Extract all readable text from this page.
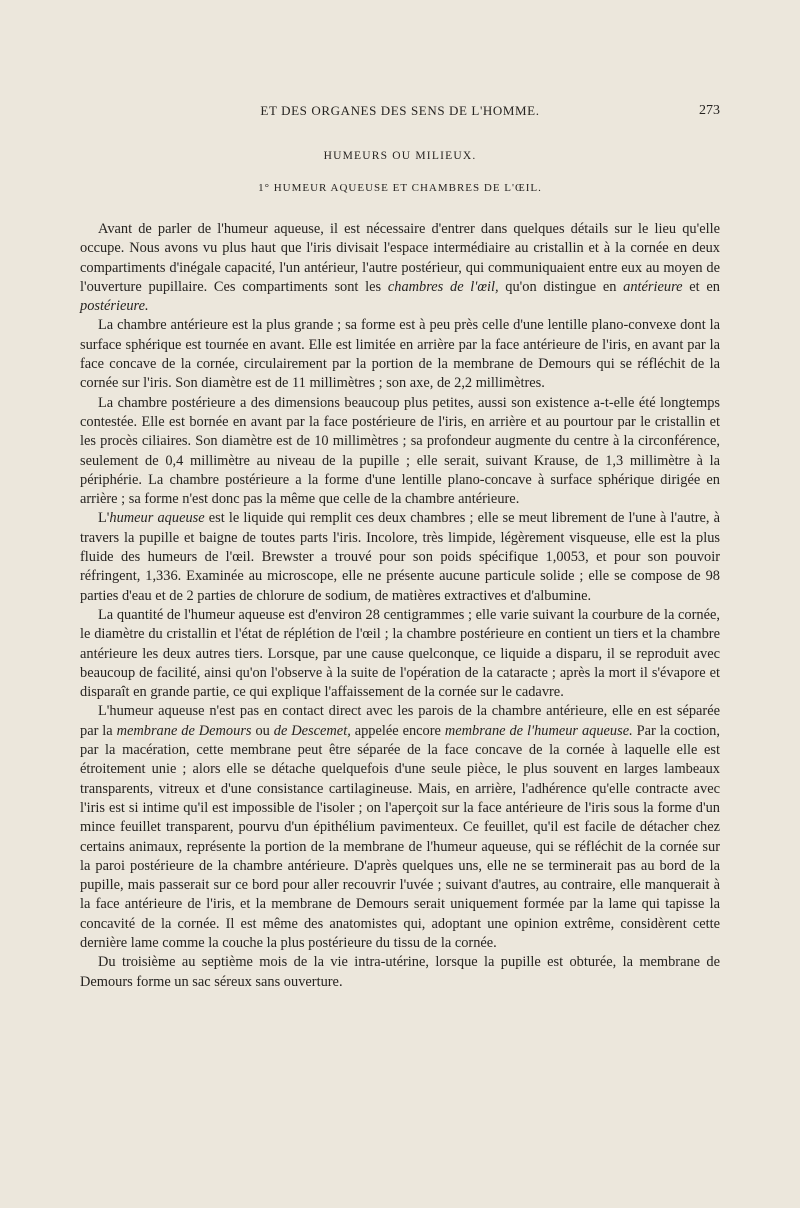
ET DES ORGANES DES SENS DE L'HOMME.	273
HUMEURS OU MILIEUX.
1° HUMEUR AQUEUSE ET CHAMBRES DE L'ŒIL.

Avant de parler de l'humeur aqueuse, il est nécessaire d'entrer dans quelques détails sur le lieu qu'elle occupe. Nous avons vu plus haut que l'iris divisait l'espace intermédiaire au cristallin et à la cornée en deux compartiments d'inégale capacité, l'un antérieur, l'autre postérieur, qui communiquaient entre eux au moyen de l'ouverture pupillaire. Ces compartiments sont les chambres de l'œil, qu'on distingue en antérieure et en postérieure.

La chambre antérieure est la plus grande ; sa forme est à peu près celle d'une lentille plano-convexe dont la surface sphérique est tournée en avant. Elle est limitée en arrière par la face antérieure de l'iris, en avant par la face concave de la cornée, circulairement par la portion de la membrane de Demours qui se réfléchit de la cornée sur l'iris. Son diamètre est de 11 millimètres ; son axe, de 2,2 millimètres.

La chambre postérieure a des dimensions beaucoup plus petites, aussi son existence a-t-elle été longtemps contestée. Elle est bornée en avant par la face postérieure de l'iris, en arrière et au pourtour par le cristallin et les procès ciliaires. Son diamètre est de 10 millimètres ; sa profondeur augmente du centre à la circonférence, seulement de 0,4 millimètre au niveau de la pupille ; elle serait, suivant Krause, de 1,3 millimètre à la périphérie. La chambre postérieure a la forme d'une lentille plano-concave à surface sphérique dirigée en arrière ; sa forme n'est donc pas la même que celle de la chambre antérieure.

L'humeur aqueuse est le liquide qui remplit ces deux chambres ; elle se meut librement de l'une à l'autre, à travers la pupille et baigne de toutes parts l'iris. Incolore, très limpide, légèrement visqueuse, elle est la plus fluide des humeurs de l'œil. Brewster a trouvé pour son poids spécifique 1,0053, et pour son pouvoir réfringent, 1,336. Examinée au microscope, elle ne présente aucune particule solide ; elle se compose de 98 parties d'eau et de 2 parties de chlorure de sodium, de matières extractives et d'albumine.

La quantité de l'humeur aqueuse est d'environ 28 centigrammes ; elle varie suivant la courbure de la cornée, le diamètre du cristallin et l'état de réplétion de l'œil ; la chambre postérieure en contient un tiers et la chambre antérieure les deux autres tiers. Lorsque, par une cause quelconque, ce liquide a disparu, il se reproduit avec beaucoup de facilité, ainsi qu'on l'observe à la suite de l'opération de la cataracte ; après la mort il s'évapore et disparaît en grande partie, ce qui explique l'affaissement de la cornée sur le cadavre.

L'humeur aqueuse n'est pas en contact direct avec les parois de la chambre antérieure, elle en est séparée par la membrane de Demours ou de Descemet, appelée encore membrane de l'humeur aqueuse. Par la coction, par la macération, cette membrane peut être séparée de la face concave de la cornée à laquelle elle est étroitement unie ; alors elle se détache quelquefois d'une seule pièce, le plus souvent en larges lambeaux transparents, vitreux et d'une consistance cartilagineuse. Mais, en arrière, l'adhérence qu'elle contracte avec l'iris est si intime qu'il est impossible de l'isoler ; on l'aperçoit sur la face antérieure de l'iris sous la forme d'un mince feuillet transparent, pourvu d'un épithélium pavimenteux. Ce feuillet, qu'il est facile de détacher chez certains animaux, représente la portion de la membrane de l'humeur aqueuse, qui se réfléchit de la cornée sur la paroi postérieure de la chambre antérieure. D'après quelques uns, elle ne se terminerait pas au bord de la pupille, mais passerait sur ce bord pour aller recouvrir l'uvée ; suivant d'autres, au contraire, elle manquerait à la face antérieure de l'iris, et la membrane de Demours serait uniquement formée par la lame qui tapisse la concavité de la cornée. Il est même des anatomistes qui, adoptant une opinion extrême, considèrent cette dernière lame comme la couche la plus postérieure du tissu de la cornée.

Du troisième au septième mois de la vie intra-utérine, lorsque la pupille est obturée, la membrane de Demours forme un sac séreux sans ouverture.
